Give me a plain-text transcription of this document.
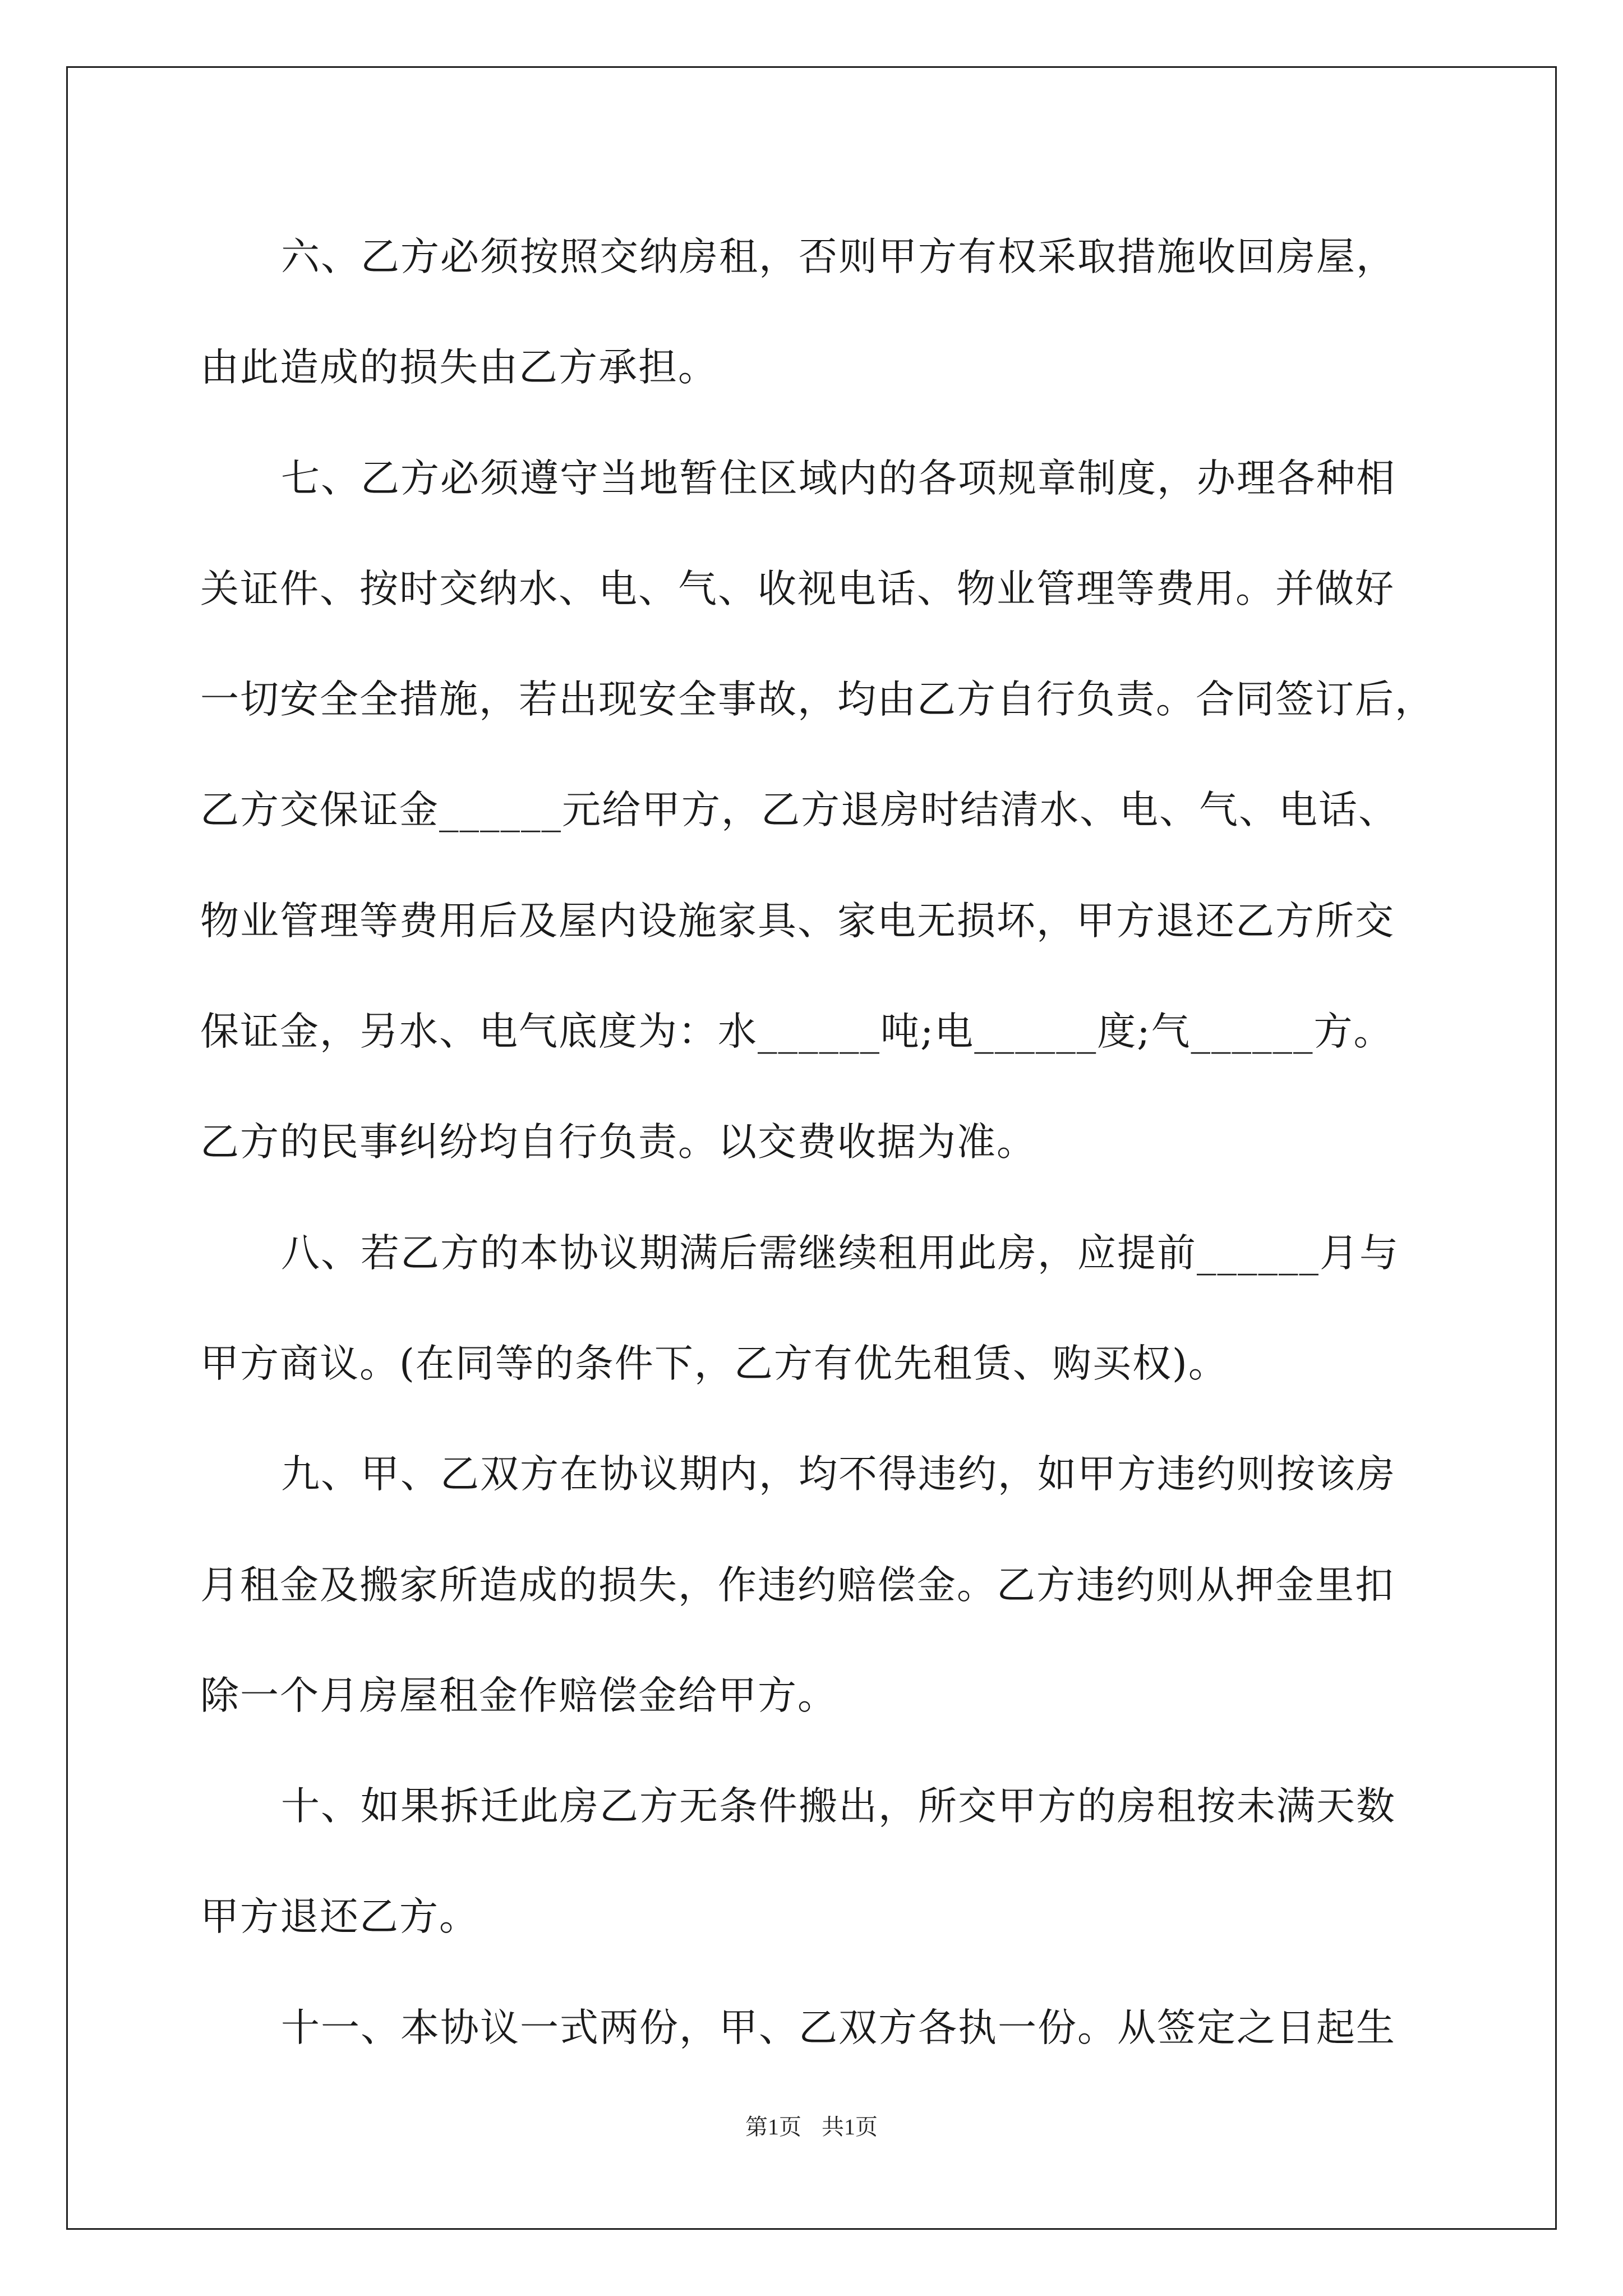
六、乙方必须按照交纳房租，否则甲方有权采取措施收回房屋，
由此造成的损失由乙方承担。
七、乙方必须遵守当地暂住区域内的各项规章制度，办理各种相
关证件、按时交纳水、电、气、收视电话、物业管理等费用。并做好
一切安全全措施，若出现安全事故，均由乙方自行负责。合同签订后，
乙方交保证金______元给甲方，乙方退房时结清水、电、气、电话、
物业管理等费用后及屋内设施家具、家电无损坏，甲方退还乙方所交
保证金，另水、电气底度为：水______吨;电______度;气______方。
乙方的民事纠纷均自行负责。以交费收据为准。
八、若乙方的本协议期满后需继续租用此房，应提前______月与
甲方商议。(在同等的条件下，乙方有优先租赁、购买权)。
九、甲、乙双方在协议期内，均不得违约，如甲方违约则按该房
月租金及搬家所造成的损失，作违约赔偿金。乙方违约则从押金里扣
除一个月房屋租金作赔偿金给甲方。
十、如果拆迁此房乙方无条件搬出，所交甲方的房租按未满天数
甲方退还乙方。
十一、本协议一式两份，甲、乙双方各执一份。从签定之日起生
第1页 共1页
